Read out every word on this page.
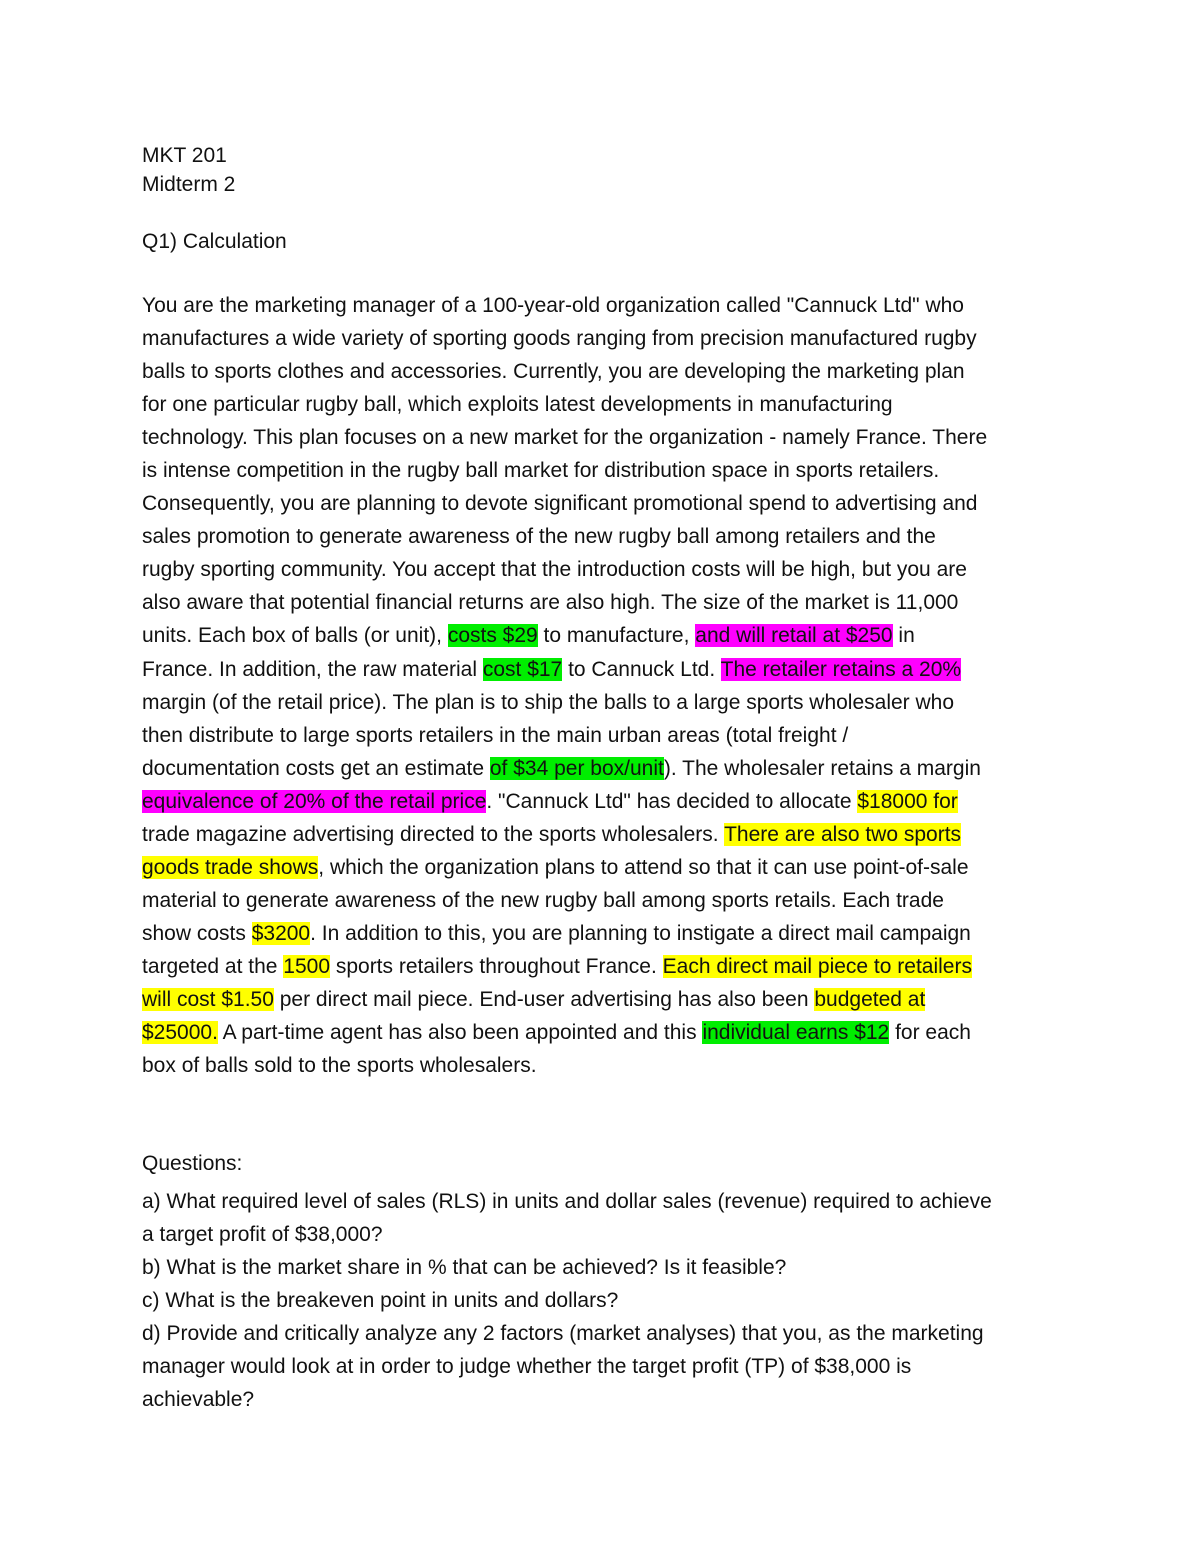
MKT 201
Midterm 2
Q1) Calculation
You are the marketing manager of a 100-year-old organization called "Cannuck Ltd" who
manufactures a wide variety of sporting goods ranging from precision manufactured rugby
balls to sports clothes and accessories. Currently, you are developing the marketing plan
for one particular rugby ball, which exploits latest developments in manufacturing
technology. This plan focuses on a new market for the organization - namely France. There
is intense competition in the rugby ball market for distribution space in sports retailers.
Consequently, you are planning to devote significant promotional spend to advertising and
sales promotion to generate awareness of the new rugby ball among retailers and the
rugby sporting community. You accept that the introduction costs will be high, but you are
also aware that potential financial returns are also high. The size of the market is 11,000
units. Each box of balls (or unit), costs $29 to manufacture, and will retail at $250 in
France. In addition, the raw material cost $17 to Cannuck Ltd. The retailer retains a 20%
margin (of the retail price). The plan is to ship the balls to a large sports wholesaler who
then distribute to large sports retailers in the main urban areas (total freight /
documentation costs get an estimate of $34 per box/unit). The wholesaler retains a margin
equivalence of 20% of the retail price. "Cannuck Ltd" has decided to allocate $18000 for
trade magazine advertising directed to the sports wholesalers. There are also two sports
goods trade shows, which the organization plans to attend so that it can use point-of-sale
material to generate awareness of the new rugby ball among sports retails. Each trade
show costs $3200. In addition to this, you are planning to instigate a direct mail campaign
targeted at the 1500 sports retailers throughout France. Each direct mail piece to retailers
will cost $1.50 per direct mail piece. End-user advertising has also been budgeted at
$25000. A part-time agent has also been appointed and this individual earns $12 for each
box of balls sold to the sports wholesalers.
Questions:
a) What required level of sales (RLS) in units and dollar sales (revenue) required to achieve
a target profit of $38,000?
b) What is the market share in % that can be achieved? Is it feasible?
c) What is the breakeven point in units and dollars?
d) Provide and critically analyze any 2 factors (market analyses) that you, as the marketing
manager would look at in order to judge whether the target profit (TP) of $38,000 is
achievable?
